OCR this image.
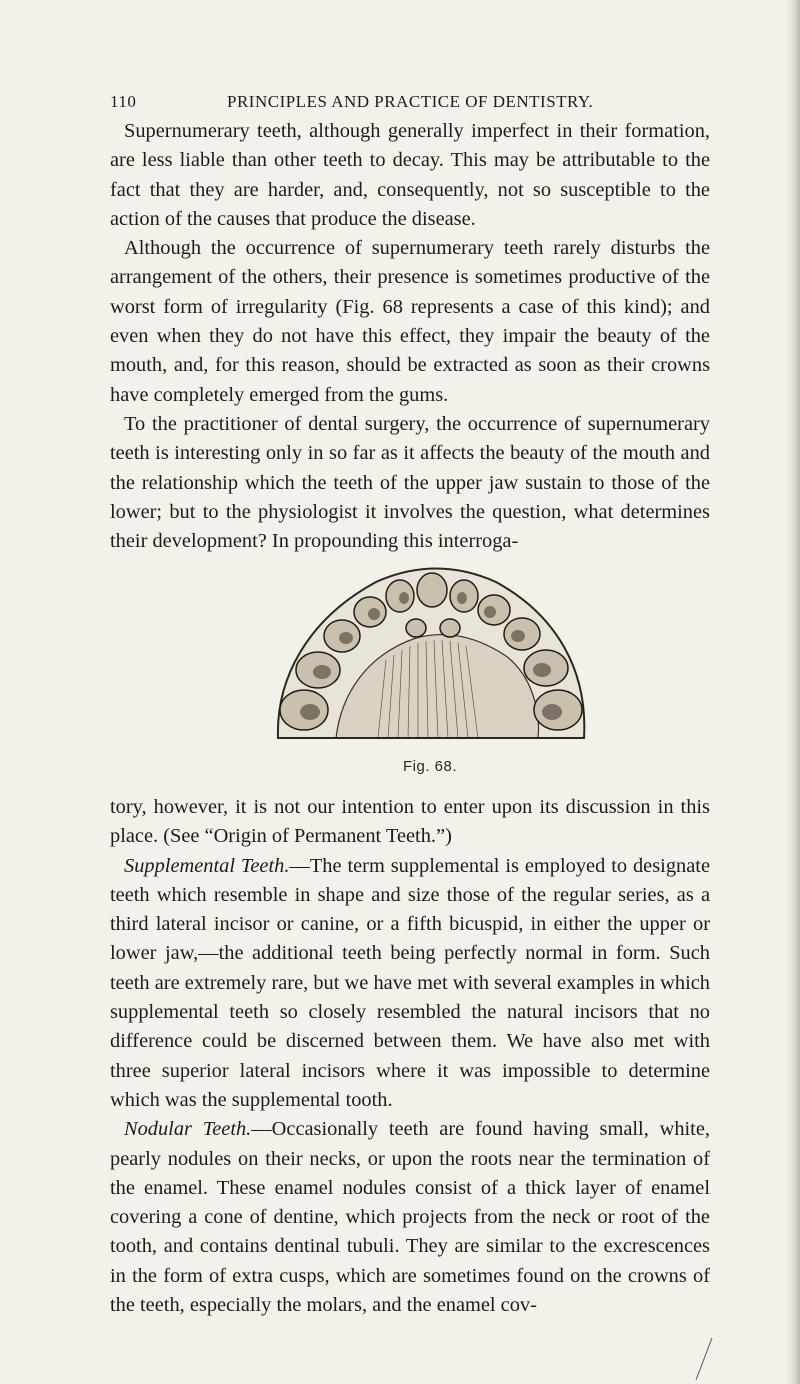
110	PRINCIPLES AND PRACTICE OF DENTISTRY.

Supernumerary teeth, although generally imperfect in their formation, are less liable than other teeth to decay. This may be attributable to the fact that they are harder, and, consequently, not so susceptible to the action of the causes that produce the disease.

Although the occurrence of supernumerary teeth rarely disturbs the arrangement of the others, their presence is sometimes productive of the worst form of irregularity (Fig. 68 represents a case of this kind); and even when they do not have this effect, they impair the beauty of the mouth, and, for this reason, should be extracted as soon as their crowns have completely emerged from the gums.

To the practitioner of dental surgery, the occurrence of supernumerary teeth is interesting only in so far as it affects the beauty of the mouth and the relationship which the teeth of the upper jaw sustain to those of the lower; but to the physiologist it involves the question, what determines their development? In propounding this interroga-

Fig. 68.

tory, however, it is not our intention to enter upon its discussion in this place. (See “Origin of Permanent Teeth.”)

Supplemental Teeth.—The term supplemental is employed to designate teeth which resemble in shape and size those of the regular series, as a third lateral incisor or canine, or a fifth bicuspid, in either the upper or lower jaw,—the additional teeth being perfectly normal in form. Such teeth are extremely rare, but we have met with several examples in which supplemental teeth so closely resembled the natural incisors that no difference could be discerned between them. We have also met with three superior lateral incisors where it was impossible to determine which was the supplemental tooth.

Nodular Teeth.—Occasionally teeth are found having small, white, pearly nodules on their necks, or upon the roots near the termination of the enamel. These enamel nodules consist of a thick layer of enamel covering a cone of dentine, which projects from the neck or root of the tooth, and contains dentinal tubuli. They are similar to the excrescences in the form of extra cusps, which are sometimes found on the crowns of the teeth, especially the molars, and the enamel cov-
